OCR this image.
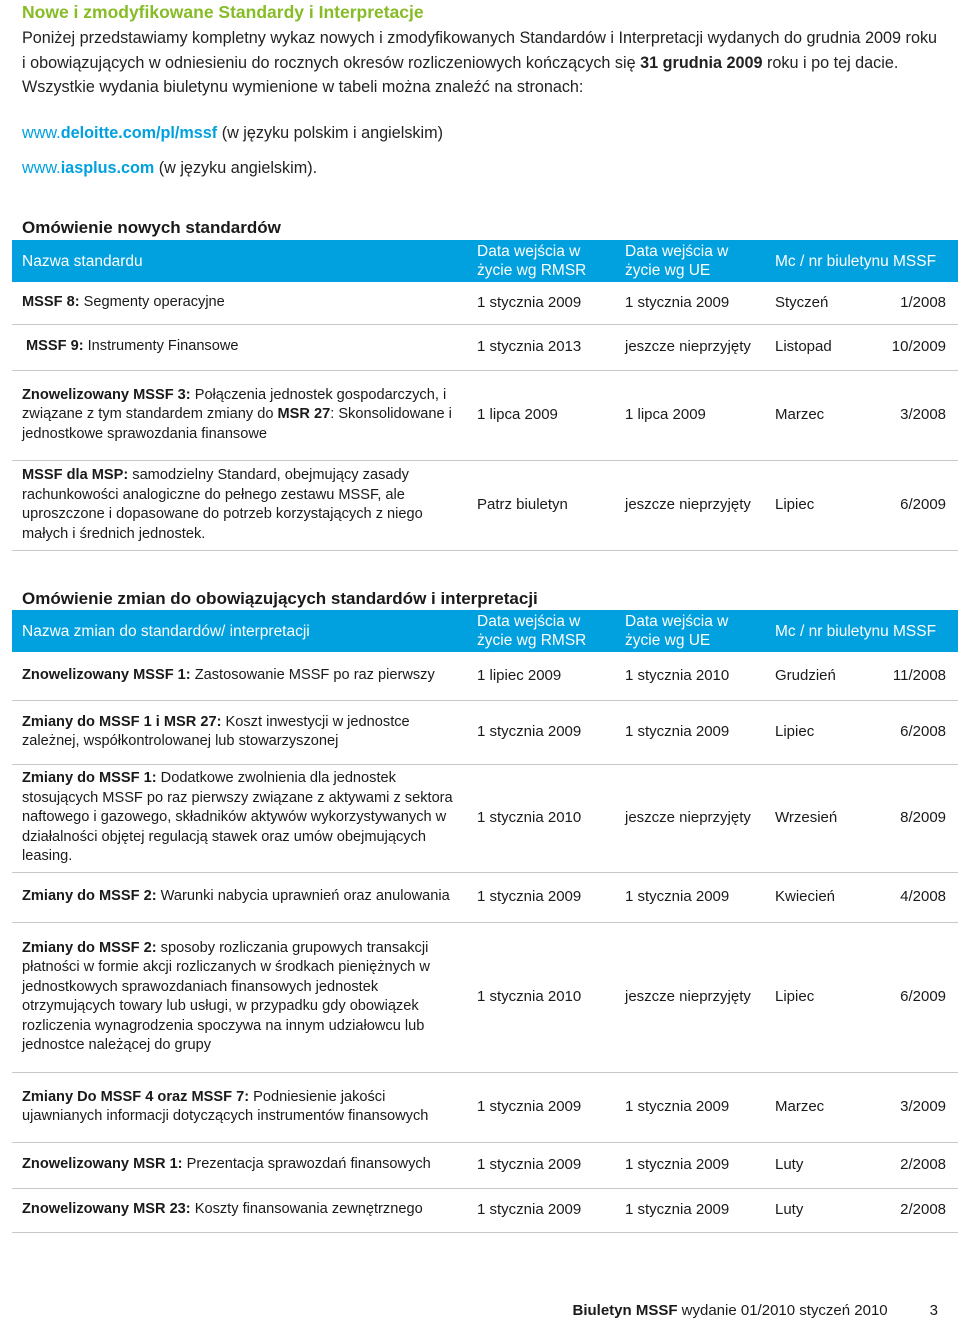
Nowe i zmodyfikowane Standardy i Interpretacje
Poniżej przedstawiamy kompletny wykaz nowych i zmodyfikowanych Standardów i Interpretacji wydanych do grudnia 2009 roku i obowiązujących w odniesieniu do rocznych okresów rozliczeniowych kończących się 31 grudnia 2009 roku i po tej dacie. Wszystkie wydania biuletynu wymienione w tabeli można znaleźć na stronach:
www.deloitte.com/pl/mssf (w języku polskim i angielskim)
www.iasplus.com (w języku angielskim).
Omówienie nowych standardów
Nazwa standardu	Data wejścia w życie wg RMSR	Data wejścia w życie wg UE	Mc / nr biuletynu MSSF	
MSSF 8: Segmenty operacyjne	1 stycznia 2009	1 stycznia 2009	Styczeń	1/2008
MSSF 9: Instrumenty Finansowe	1 stycznia 2013	jeszcze nieprzyjęty	Listopad	10/2009
Znowelizowany MSSF 3: Połączenia jednostek gospodarczych, i związane z tym standardem zmiany do MSR 27: Skonsolidowane i jednostkowe sprawozdania finansowe	1 lipca 2009	1 lipca 2009	Marzec	3/2008
MSSF dla MSP: samodzielny Standard, obejmujący zasady rachunkowości analogiczne do pełnego zestawu MSSF, ale uproszczone i dopasowane do potrzeb korzystających z niego małych i średnich jednostek.	Patrz biuletyn	jeszcze nieprzyjęty	Lipiec	6/2009
Omówienie zmian do obowiązujących standardów i interpretacji
Nazwa zmian do standardów/ interpretacji	Data wejścia w życie wg RMSR	Data wejścia w życie wg UE	Mc / nr biuletynu MSSF	
Znowelizowany MSSF 1: Zastosowanie MSSF po raz pierwszy	1 lipiec 2009	1 stycznia 2010	Grudzień	11/2008
Zmiany do MSSF 1 i MSR 27: Koszt inwestycji w jednostce zależnej, współkontrolowanej lub stowarzyszonej	1 stycznia 2009	1 stycznia 2009	Lipiec	6/2008
Zmiany do MSSF 1: Dodatkowe zwolnienia dla jednostek stosujących MSSF po raz pierwszy związane z aktywami z sektora naftowego i gazowego, składników aktywów wykorzystywanych w działalności objętej regulacją stawek oraz umów obejmujących leasing.	1 stycznia 2010	jeszcze nieprzyjęty	Wrzesień	8/2009
Zmiany do MSSF 2: Warunki nabycia uprawnień oraz anulowania	1 stycznia 2009	1 stycznia 2009	Kwiecień	4/2008
Zmiany do MSSF 2: sposoby rozliczania grupowych transakcji płatności w formie akcji rozliczanych w środkach pieniężnych w jednostkowych sprawozdaniach finansowych jednostek otrzymujących towary lub usługi, w przypadku gdy obowiązek rozliczenia wynagrodzenia spoczywa na innym udziałowcu lub jednostce należącej do grupy	1 stycznia 2010	jeszcze nieprzyjęty	Lipiec	6/2009
Zmiany Do MSSF 4 oraz MSSF 7: Podniesienie jakości ujawnianych informacji dotyczących instrumentów finansowych	1 stycznia 2009	1 stycznia 2009	Marzec	3/2009
Znowelizowany MSR 1: Prezentacja sprawozdań finansowych	1 stycznia 2009	1 stycznia 2009	Luty	2/2008
Znowelizowany MSR 23: Koszty finansowania zewnętrznego	1 stycznia 2009	1 stycznia 2009	Luty	2/2008
Biuletyn MSSF wydanie 01/2010 styczeń 2010	3
